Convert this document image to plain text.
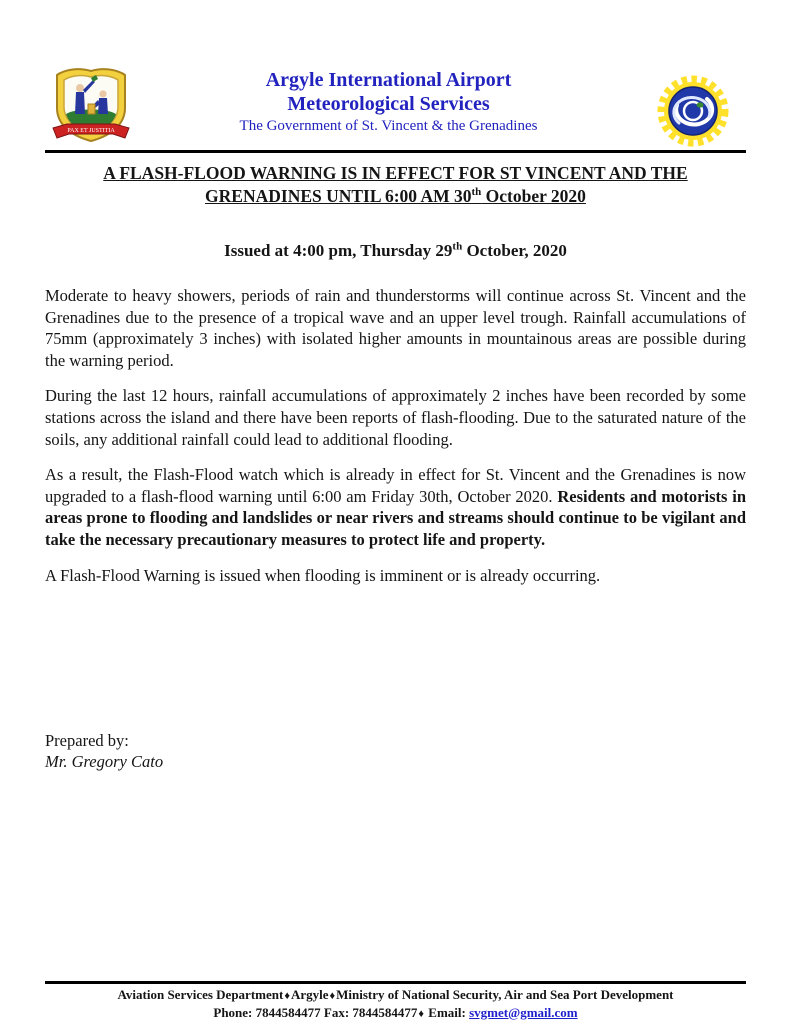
PAX ET JUSTITIA
Argyle International Airport
Meteorological Services
The Government of St. Vincent & the Grenadines
A FLASH-FLOOD WARNING IS IN EFFECT FOR ST VINCENT AND THE
GRENADINES UNTIL 6:00 AM 30th October 2020
Issued at 4:00 pm, Thursday 29th October, 2020

Moderate to heavy showers, periods of rain and thunderstorms will continue across St. Vincent and the Grenadines due to the presence of a tropical wave and an upper level trough. Rainfall accumulations of 75mm (approximately 3 inches) with isolated higher amounts in mountainous areas are possible during the warning period.

During the last 12 hours, rainfall accumulations of approximately 2 inches have been recorded by some stations across the island and there have been reports of flash-flooding. Due to the saturated nature of the soils, any additional rainfall could lead to additional flooding.

As a result, the Flash-Flood watch which is already in effect for St. Vincent and the Grenadines is now upgraded to a flash-flood warning until 6:00 am Friday 30th, October 2020. Residents and motorists in areas prone to flooding and landslides or near rivers and streams should continue to be vigilant and take the necessary precautionary measures to protect life and property.

A Flash-Flood Warning is issued when flooding is imminent or is already occurring.

Prepared by:
Mr. Gregory Cato
Aviation Services Department♦Argyle♦Ministry of National Security, Air and Sea Port Development
Phone: 7844584477 Fax: 7844584477♦ Email: svgmet@gmail.com
